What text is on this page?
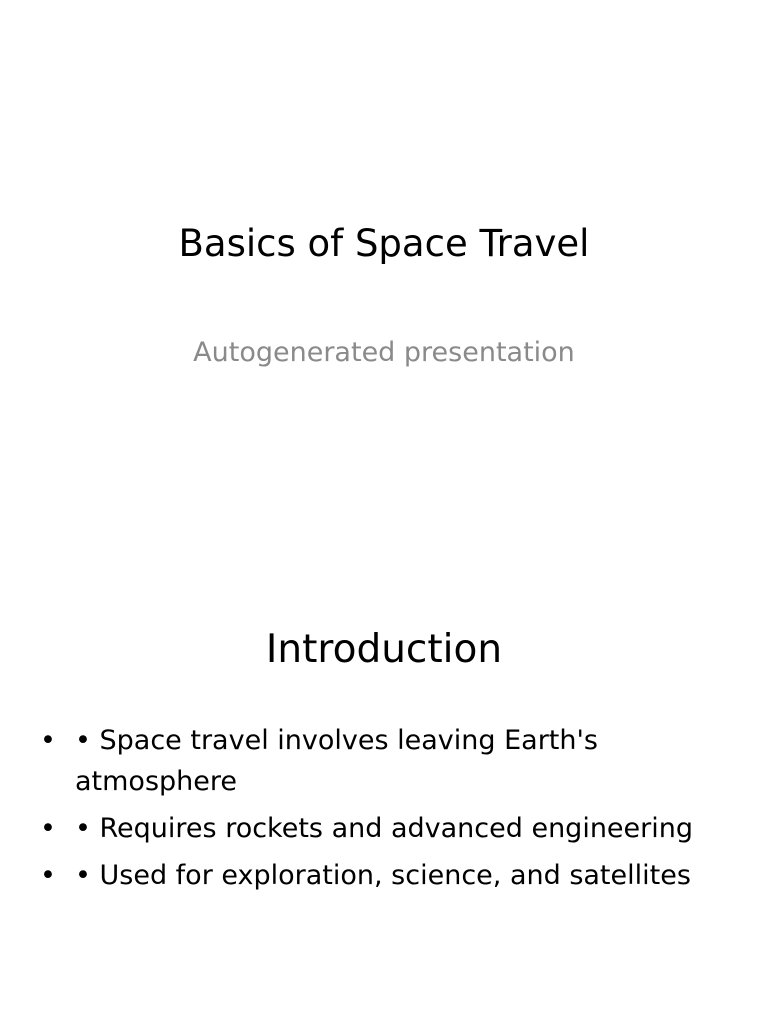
Basics of Space Travel
Autogenerated presentation
Introduction
• • Space travel involves leaving Earth's atmosphere
• • Requires rockets and advanced engineering
• • Used for exploration, science, and satellites
